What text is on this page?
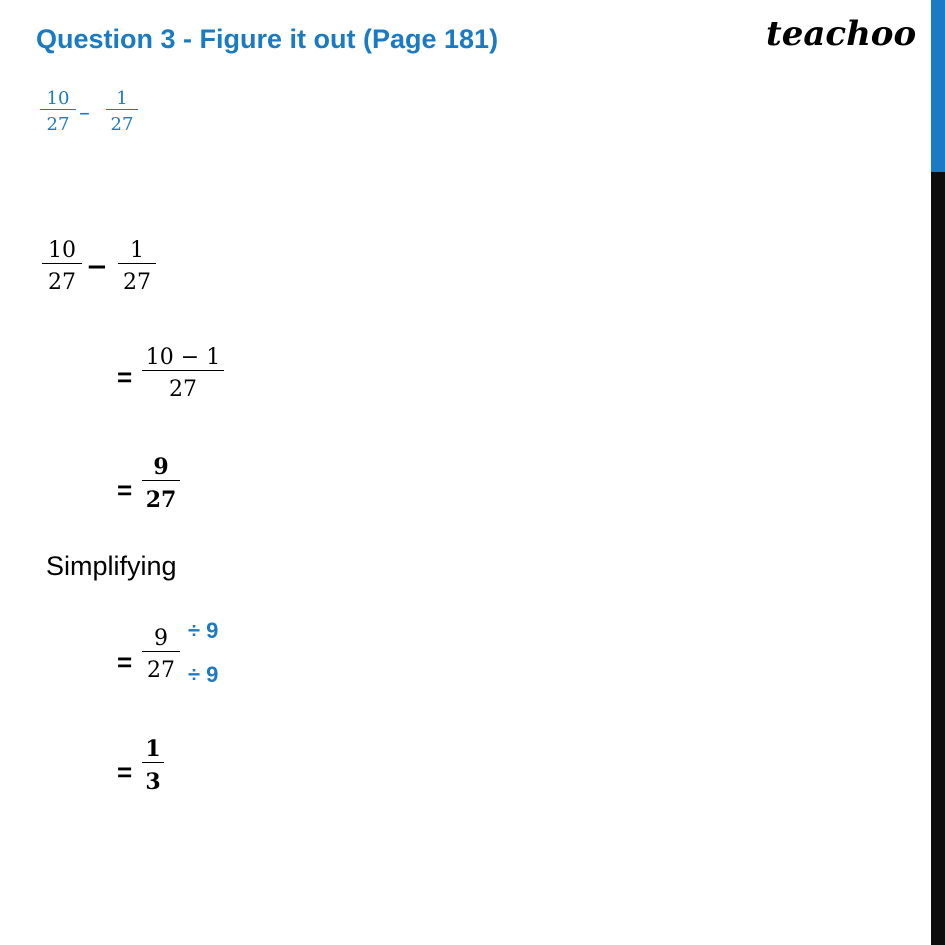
Question 3 - Figure it out (Page 181)	teachoo
10
27 –
1
27
10
27
−
1
27
=
10 − 1
27
=
9
27
Simplifying
=
9
27
÷ 9
÷ 9
=
1
3
